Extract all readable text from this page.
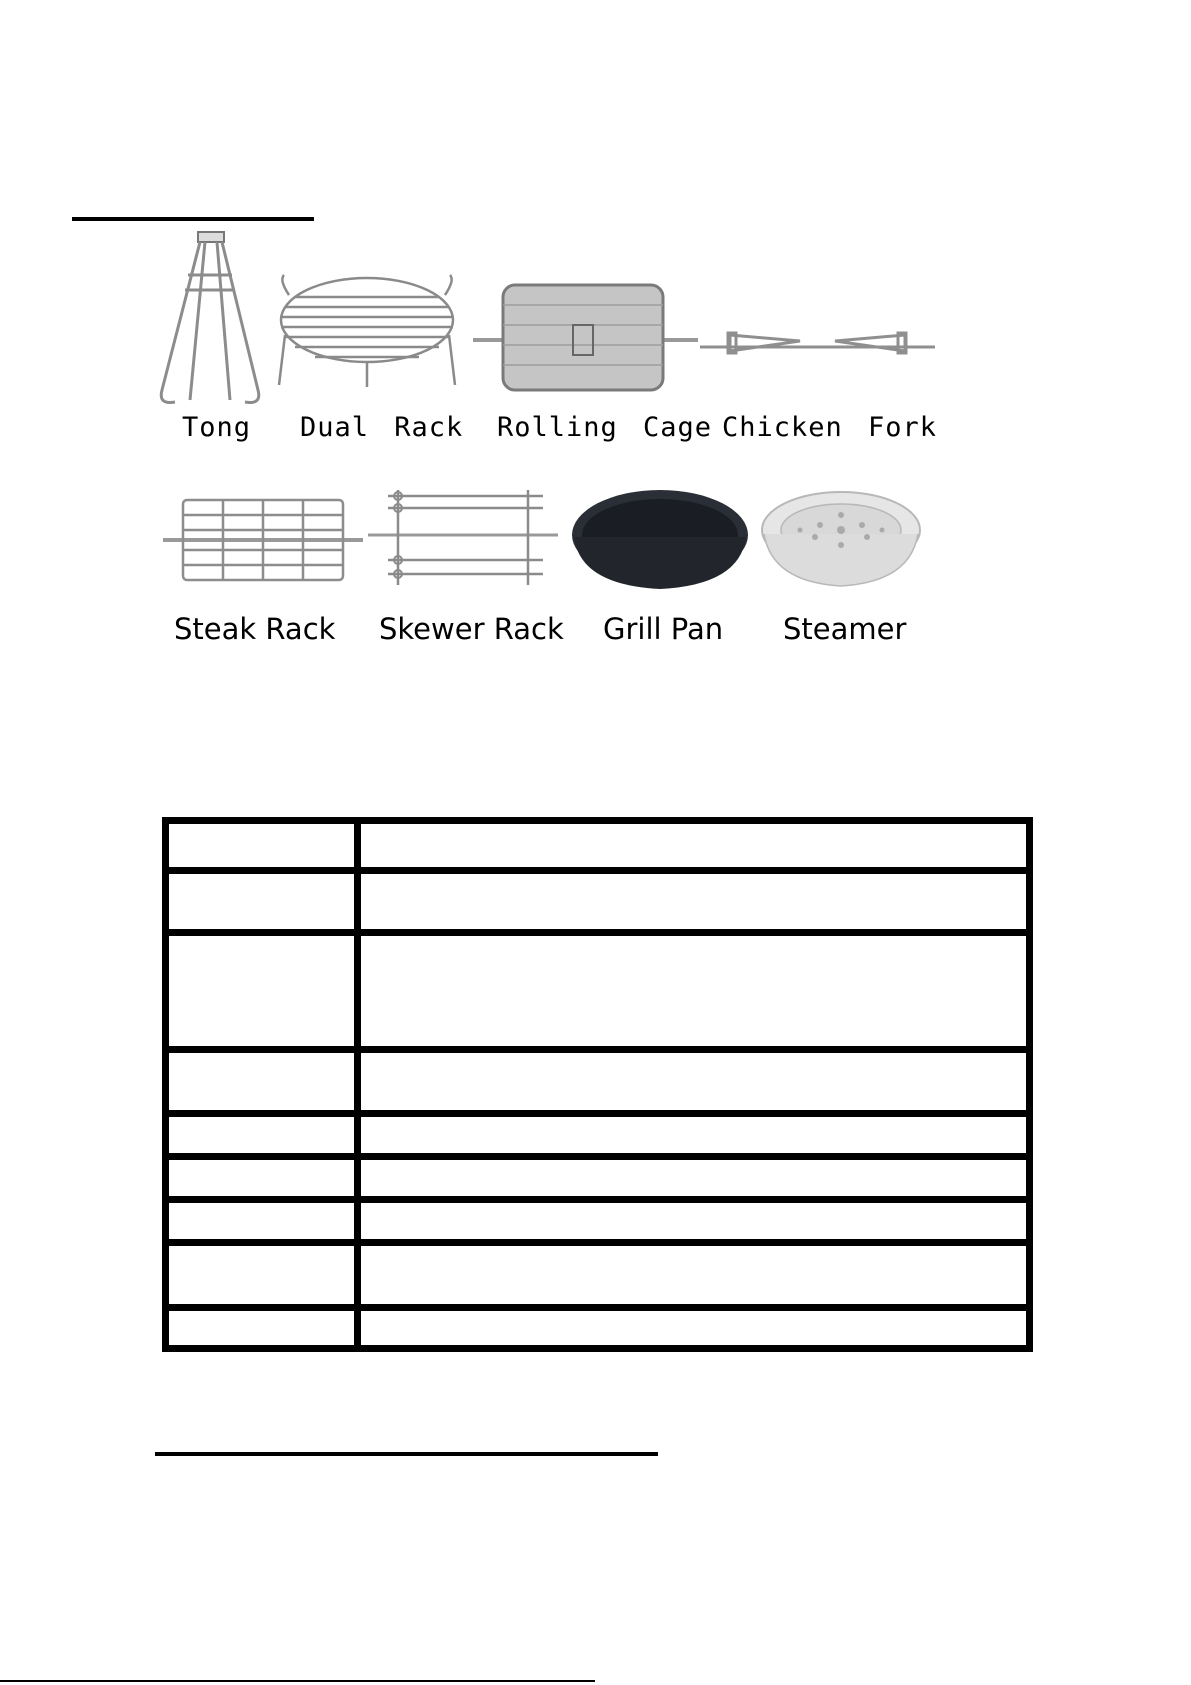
Tong Dual Rack Rolling Cage Chicken Fork
Steak Rack Skewer Rack Grill Pan Steamer
